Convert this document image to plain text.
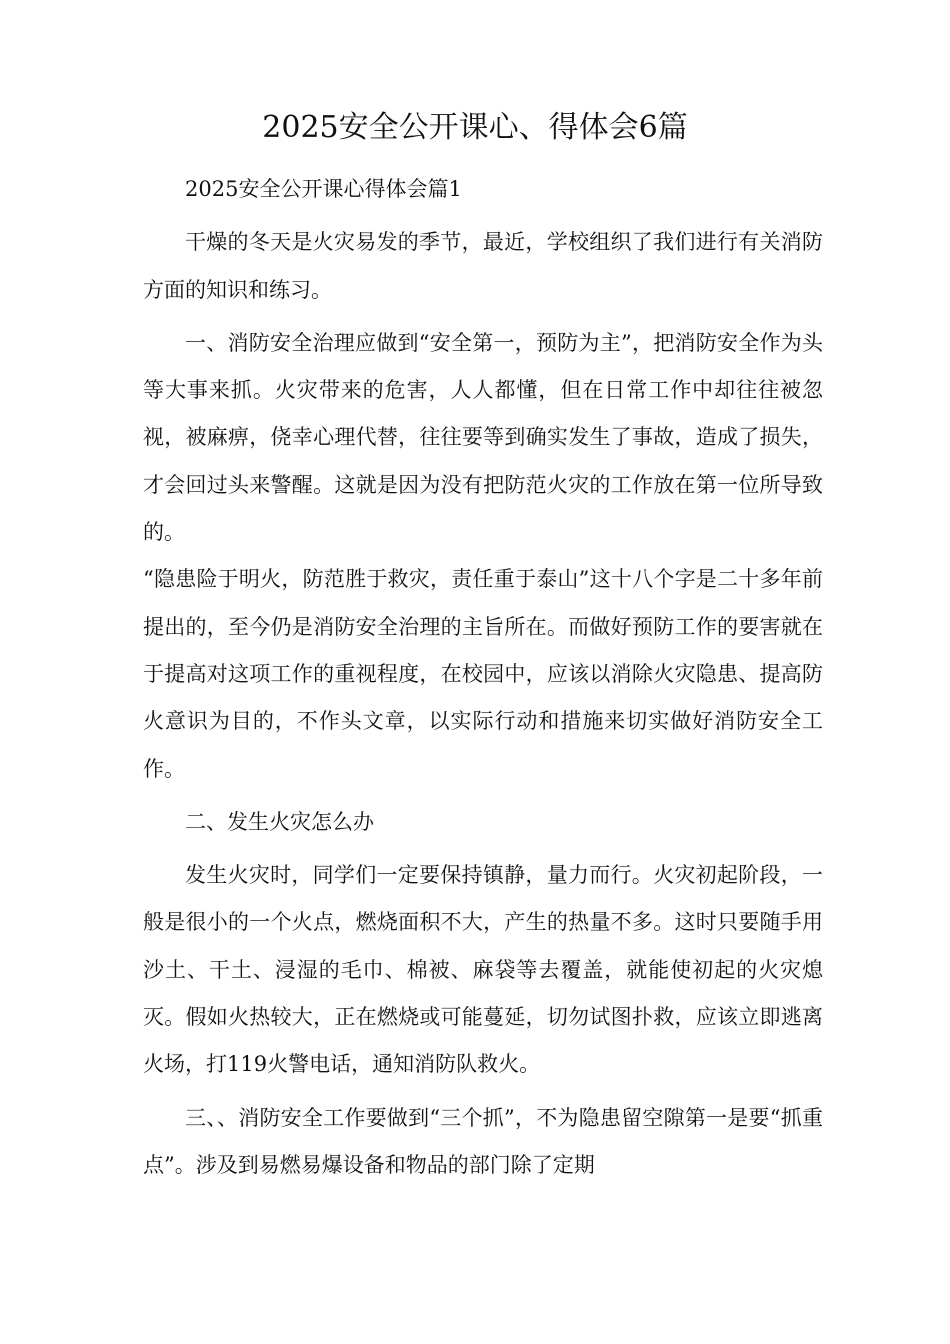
2025安全公开课心、得体会6篇

2025安全公开课心得体会篇1

干燥的冬天是火灾易发的季节，最近，学校组织了我们进行有关消防方面的知识和练习。

一、消防安全治理应做到“安全第一，预防为主”，把消防安全作为头等大事来抓。火灾带来的危害，人人都懂，但在日常工作中却往往被忽视，被麻痹，侥幸心理代替，往往要等到确实发生了事故，造成了损失，才会回过头来警醒。这就是因为没有把防范火灾的工作放在第一位所导致的。

“隐患险于明火，防范胜于救灾，责任重于泰山”这十八个字是二十多年前提出的，至今仍是消防安全治理的主旨所在。而做好预防工作的要害就在于提高对这项工作的重视程度，在校园中，应该以消除火灾隐患、提高防火意识为目的，不作头文章，以实际行动和措施来切实做好消防安全工作。

二、发生火灾怎么办

发生火灾时，同学们一定要保持镇静，量力而行。火灾初起阶段，一般是很小的一个火点，燃烧面积不大，产生的热量不多。这时只要随手用沙土、干土、浸湿的毛巾、棉被、麻袋等去覆盖，就能使初起的火灾熄灭。假如火热较大，正在燃烧或可能蔓延，切勿试图扑救，应该立即逃离火场，打119火警电话，通知消防队救火。

三、、消防安全工作要做到“三个抓”，不为隐患留空隙第一是要“抓重点”。涉及到易燃易爆设备和物品的部门除了定期
